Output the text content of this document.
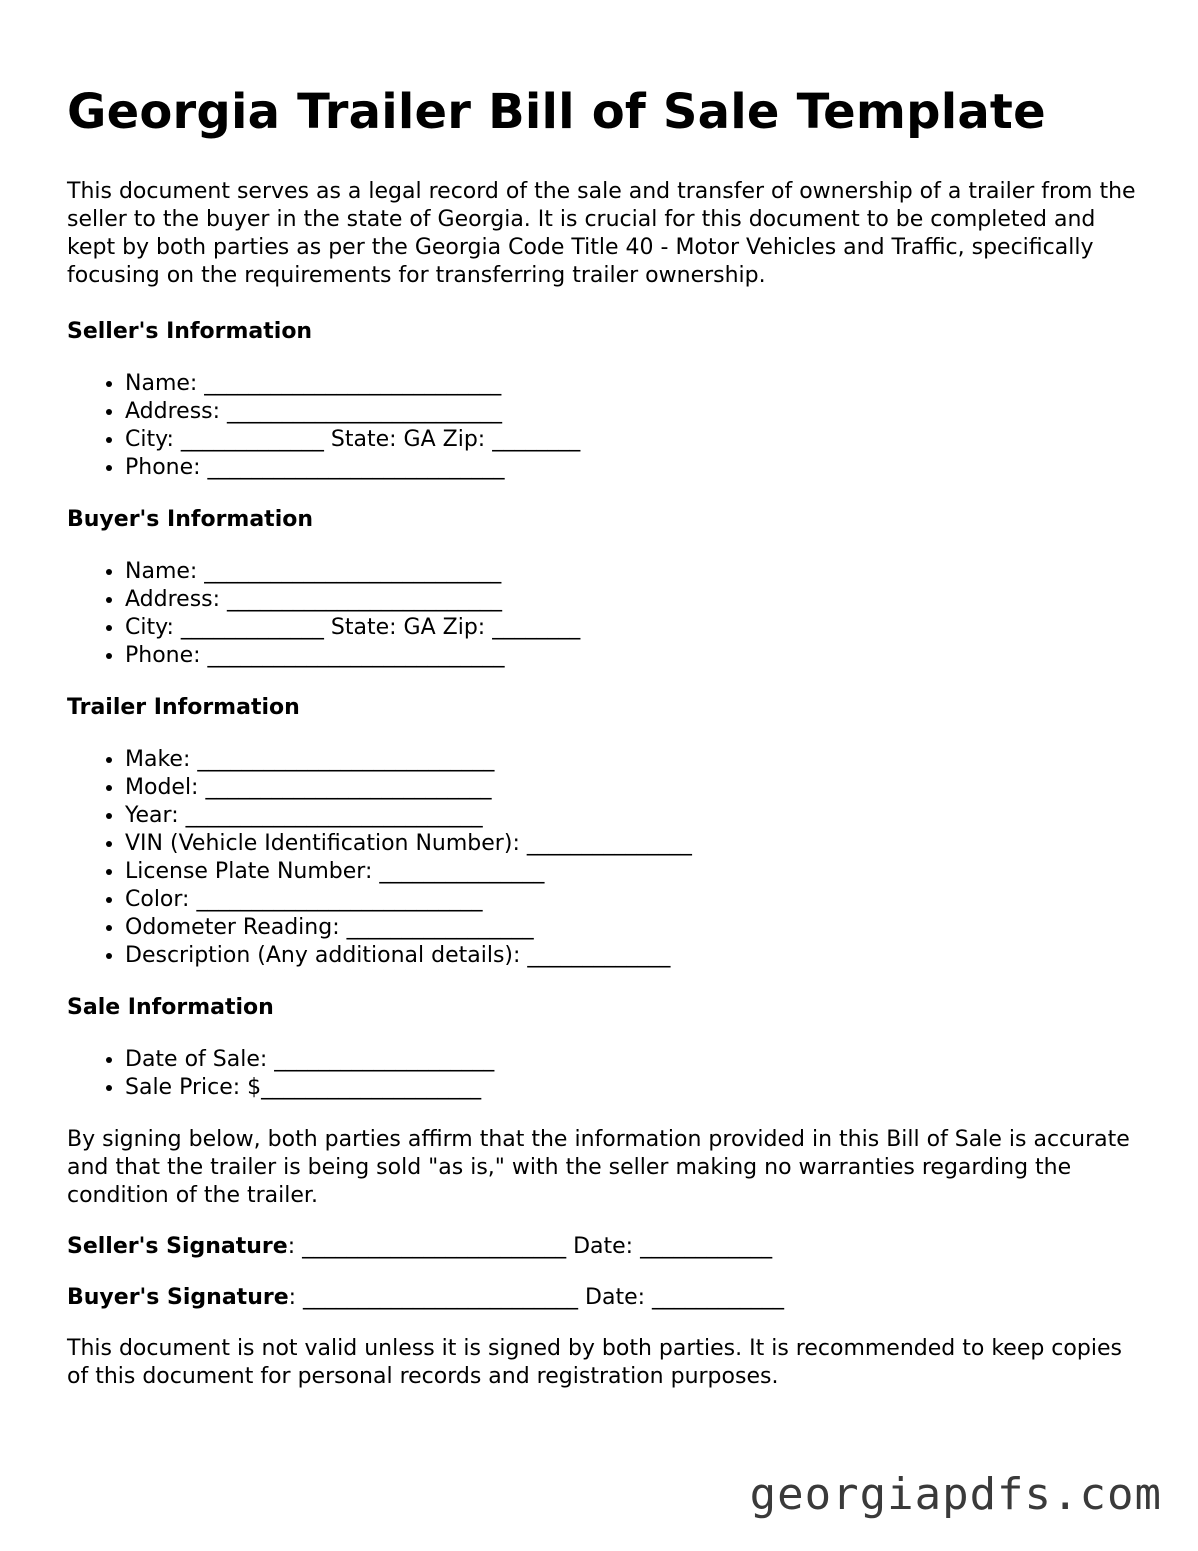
Georgia Trailer Bill of Sale Template

This document serves as a legal record of the sale and transfer of ownership of a trailer from the seller to the buyer in the state of Georgia. It is crucial for this document to be completed and kept by both parties as per the Georgia Code Title 40 - Motor Vehicles and Traffic, specifically focusing on the requirements for transferring trailer ownership.

Seller's Information
• Name: ___________________________
• Address: _________________________
• City: _____________ State: GA Zip: ________
• Phone: ___________________________
Buyer's Information
• Name: ___________________________
• Address: _________________________
• City: _____________ State: GA Zip: ________
• Phone: ___________________________
Trailer Information
• Make: ___________________________
• Model: __________________________
• Year: ___________________________
• VIN (Vehicle Identification Number): _______________
• License Plate Number: _______________
• Color: __________________________
• Odometer Reading: _________________
• Description (Any additional details): _____________
Sale Information
• Date of Sale: ____________________
• Sale Price: $____________________

By signing below, both parties affirm that the information provided in this Bill of Sale is accurate and that the trailer is being sold "as is," with the seller making no warranties regarding the condition of the trailer.

Seller's Signature: ________________________ Date: ____________

Buyer's Signature: _________________________ Date: ____________

This document is not valid unless it is signed by both parties. It is recommended to keep copies of this document for personal records and registration purposes.

georgiapdfs.com
